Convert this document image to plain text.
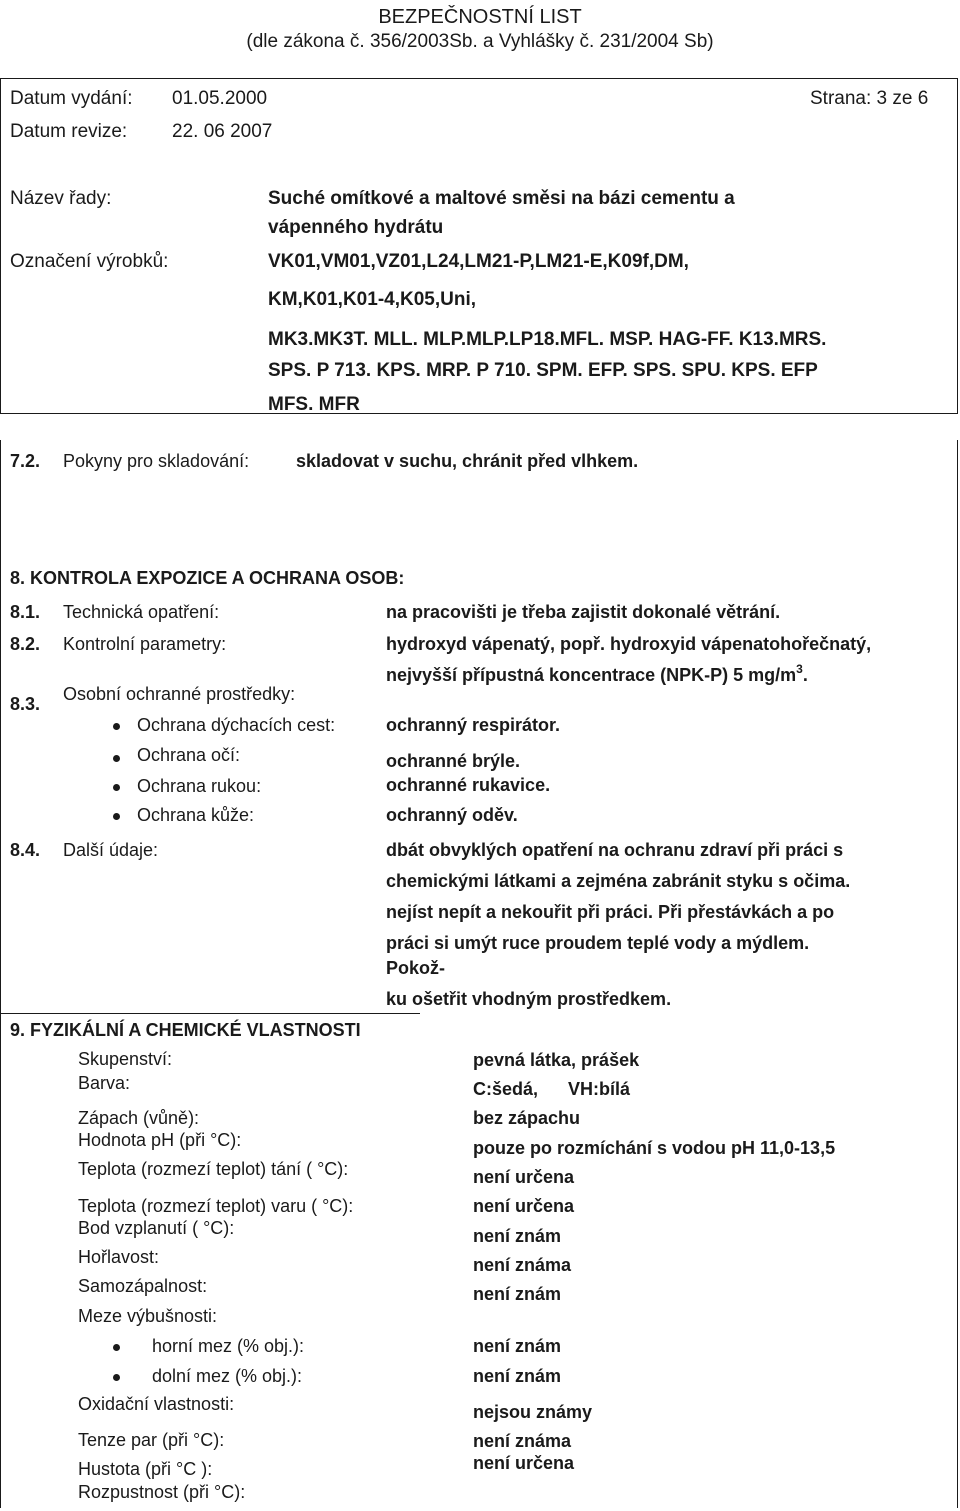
BEZPEČNOSTNÍ LIST
(dle zákona č. 356/2003Sb. a Vyhlášky č. 231/2004 Sb)
Datum vydání: 01.05.2000	Strana: 3 ze 6
Datum revize: 22. 06 2007
Název řady:	Suché omítkové a maltové směsi na bázi cementu a
vápenného hydrátu
Označení výrobků:	VK01,VM01,VZ01,L24,LM21-P,LM21-E,K09f,DM,
KM,K01,K01-4,K05,Uni,
MK3.MK3T. MLL. MLP.MLP.LP18.MFL. MSP. HAG-FF. K13.MRS.
SPS. P 713. KPS. MRP. P 710. SPM. EFP. SPS. SPU. KPS. EFP
MFS. MFR
7.2. Pokyny pro skladování:	skladovat v suchu, chránit před vlhkem.
8. KONTROLA EXPOZICE A OCHRANA OSOB:
8.1. Technická opatření:	na pracovišti je třeba zajistit dokonalé větrání.
8.2. Kontrolní parametry:	hydroxyd vápenatý, popř. hydroxyid vápenatohořečnatý,
nejvyšší přípustná koncentrace (NPK-P) 5 $mg/m^3$.
8.3. Osobní ochranné prostředky:
Ochrana dýchacích cest:	ochranný respirátor.
Ochrana očí:	ochranné brýle.
Ochrana rukou:	ochranné rukavice.
Ochrana kůže:	ochranný oděv.
8.4. Další údaje:	dbát obvyklých opatření na ochranu zdraví při práci s
chemickými látkami a zejména zabránit styku s očima.
nejíst nepít a nekouřit při práci. Při přestávkách a po
práci si umýt ruce proudem teplé vody a mýdlem.
Pokož-
ku ošetřit vhodným prostředkem.
9. FYZIKÁLNÍ A CHEMICKÉ VLASTNOSTI
Skupenství:	pevná látka, prášek
Barva:	C:šedá,      VH:bílá
Zápach (vůně):	bez zápachu
Hodnota pH (při °C):	pouze po rozmíchání s vodou pH 11,0-13,5
Teplota (rozmezí teplot) tání ( °C):	není určena
Teplota (rozmezí teplot) varu ( °C):	není určena
Bod vzplanutí ( °C):	není znám
Hořlavost:	není známa
Samozápalnost:	není znám
Meze výbušnosti:
horní mez (% obj.):	není znám
dolní mez (% obj.):	není znám
Oxidační vlastnosti:	nejsou známy
Tenze par (při °C):	není známa
Hustota (při °C ):	není určena
Rozpustnost (při °C):
